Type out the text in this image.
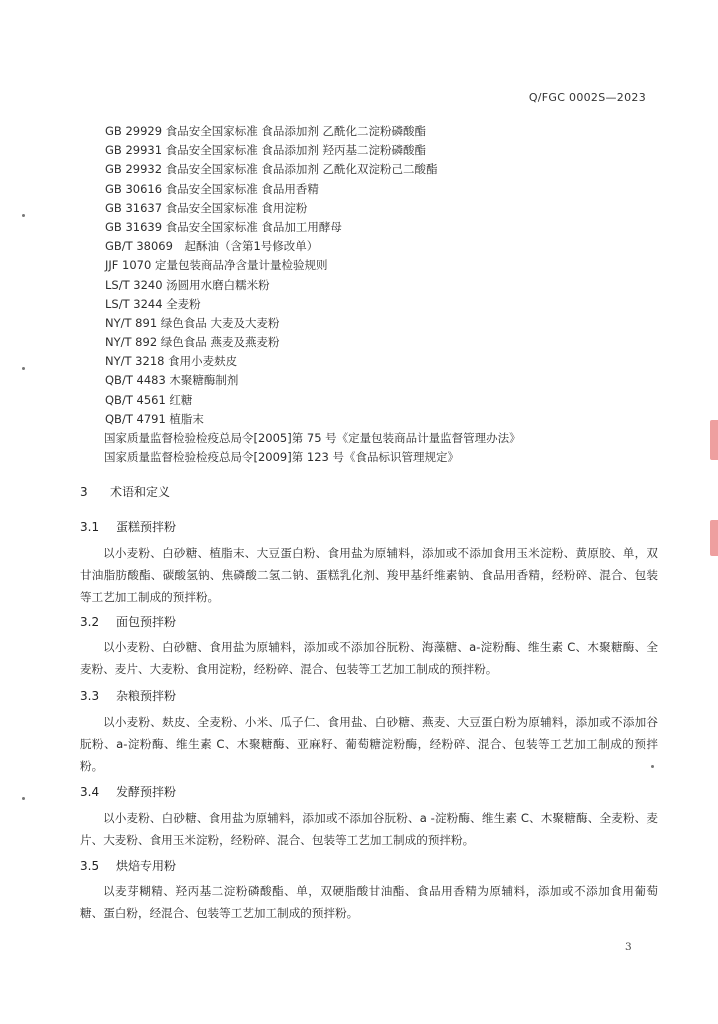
Q/FGC 0002S—2023
GB 29929 食品安全国家标准 食品添加剂 乙酰化二淀粉磷酸酯
GB 29931 食品安全国家标准 食品添加剂 羟丙基二淀粉磷酸酯
GB 29932 食品安全国家标准 食品添加剂 乙酰化双淀粉己二酸酯
GB 30616 食品安全国家标准 食品用香精
GB 31637 食品安全国家标准 食用淀粉
GB 31639 食品安全国家标准 食品加工用酵母
GB/T 38069　起酥油（含第1号修改单）
JJF 1070 定量包装商品净含量计量检验规则
LS/T 3240 汤圆用水磨白糯米粉
LS/T 3244 全麦粉
NY/T 891 绿色食品 大麦及大麦粉
NY/T 892 绿色食品 燕麦及燕麦粉
NY/T 3218 食用小麦麸皮
QB/T 4483 木聚糖酶制剂
QB/T 4561 红糖
QB/T 4791 植脂末
国家质量监督检验检疫总局令[2005]第 75 号《定量包装商品计量监督管理办法》
国家质量监督检验检疫总局令[2009]第 123 号《食品标识管理规定》
3 术语和定义
3.1 蛋糕预拌粉

以小麦粉、白砂糖、植脂末、大豆蛋白粉、食用盐为原辅料，添加或不添加食用玉米淀粉、黄原胶、单，双甘油脂肪酸酯、碳酸氢钠、焦磷酸二氢二钠、蛋糕乳化剂、羧甲基纤维素钠、食品用香精，经粉碎、混合、包装等工艺加工制成的预拌粉。

3.2 面包预拌粉

以小麦粉、白砂糖、食用盐为原辅料，添加或不添加谷朊粉、海藻糖、a-淀粉酶、维生素 C、木聚糖酶、全麦粉、麦片、大麦粉、食用淀粉，经粉碎、混合、包装等工艺加工制成的预拌粉。

3.3 杂粮预拌粉

以小麦粉、麸皮、全麦粉、小米、瓜子仁、食用盐、白砂糖、燕麦、大豆蛋白粉为原辅料，添加或不添加谷朊粉、a-淀粉酶、维生素 C、木聚糖酶、亚麻籽、葡萄糖淀粉酶，经粉碎、混合、包装等工艺加工制成的预拌粉。

3.4 发酵预拌粉

以小麦粉、白砂糖、食用盐为原辅料，添加或不添加谷朊粉、a -淀粉酶、维生素 C、木聚糖酶、全麦粉、麦片、大麦粉、食用玉米淀粉，经粉碎、混合、包装等工艺加工制成的预拌粉。

3.5 烘焙专用粉

以麦芽糊精、羟丙基二淀粉磷酸酯、单，双硬脂酸甘油酯、食品用香精为原辅料，添加或不添加食用葡萄糖、蛋白粉，经混合、包装等工艺加工制成的预拌粉。

3
